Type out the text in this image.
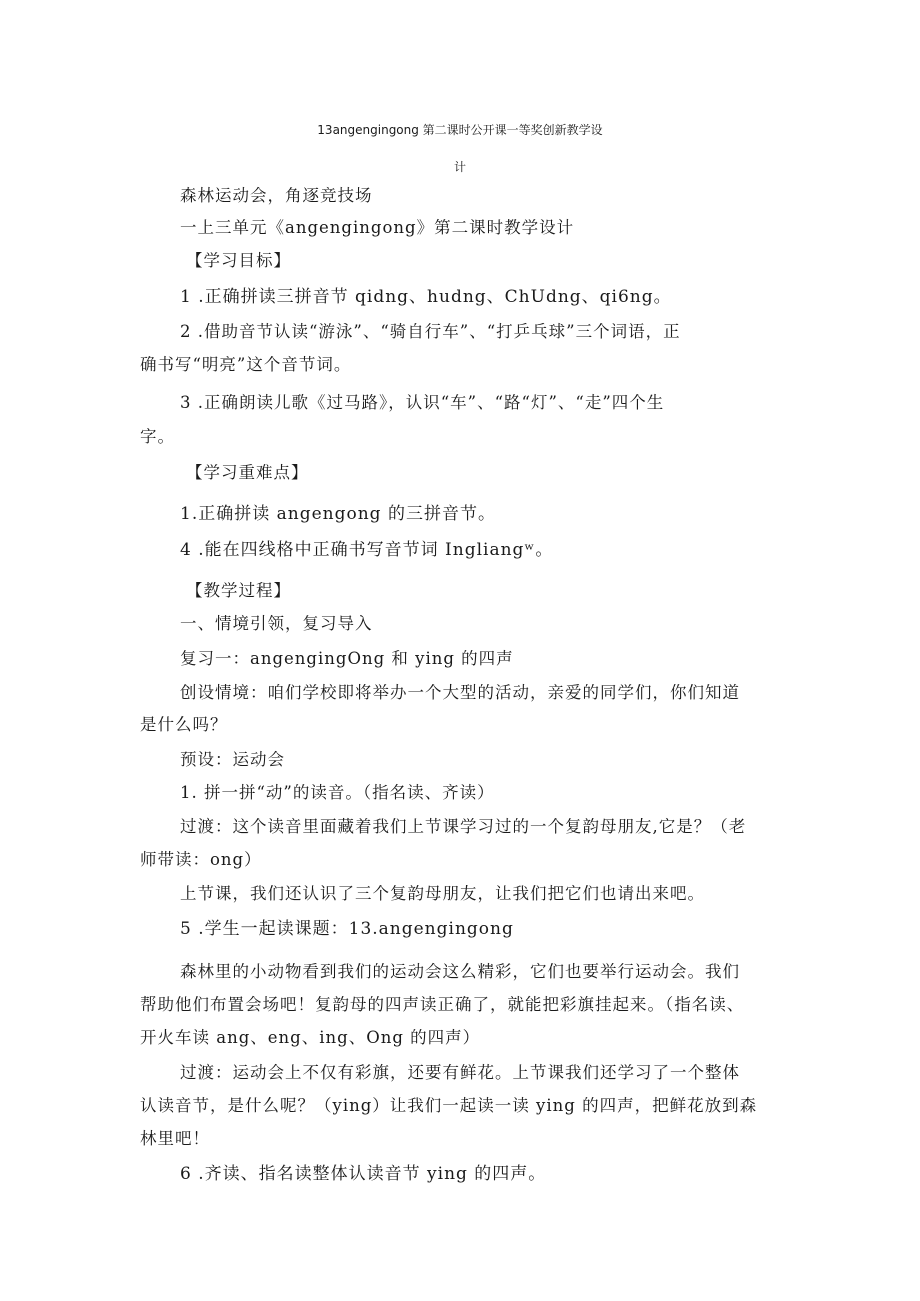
13angengingong 第二课时公开课一等奖创新教学设
计

森林运动会，角逐竞技场

一上三单元《angengingong》第二课时教学设计

【学习目标】

1 .正确拼读三拼音节 qidng、hudng、ChUdng、qi6ng。

2 .借助音节认读“游泳”、“骑自行车”、“打乒乓球”三个词语，正

确书写“明亮”这个音节词。

3 .正确朗读儿歌《过马路》，认识“车”、“路“灯”、“走”四个生

字。

【学习重难点】

1.正确拼读 angengong 的三拼音节。

4 .能在四线格中正确书写音节词 Ingliangʷ。

【教学过程】

一、情境引领，复习导入

复习一：angengingOng 和 ying 的四声

创设情境：咱们学校即将举办一个大型的活动，亲爱的同学们，你们知道

是什么吗？

预设：运动会

1. 拼一拼“动”的读音。（指名读、齐读）

过渡：这个读音里面藏着我们上节课学习过的一个复韵母朋友,它是？（老

师带读：ong）

上节课，我们还认识了三个复韵母朋友，让我们把它们也请出来吧。

5 .学生一起读课题：13.angengingong

森林里的小动物看到我们的运动会这么精彩，它们也要举行运动会。我们

帮助他们布置会场吧！复韵母的四声读正确了，就能把彩旗挂起来。（指名读、

开火车读 ang、eng、ing、Ong 的四声）

过渡：运动会上不仅有彩旗，还要有鲜花。上节课我们还学习了一个整体

认读音节，是什么呢？（ying）让我们一起读一读 ying 的四声，把鲜花放到森

林里吧！

6 .齐读、指名读整体认读音节 ying 的四声。
